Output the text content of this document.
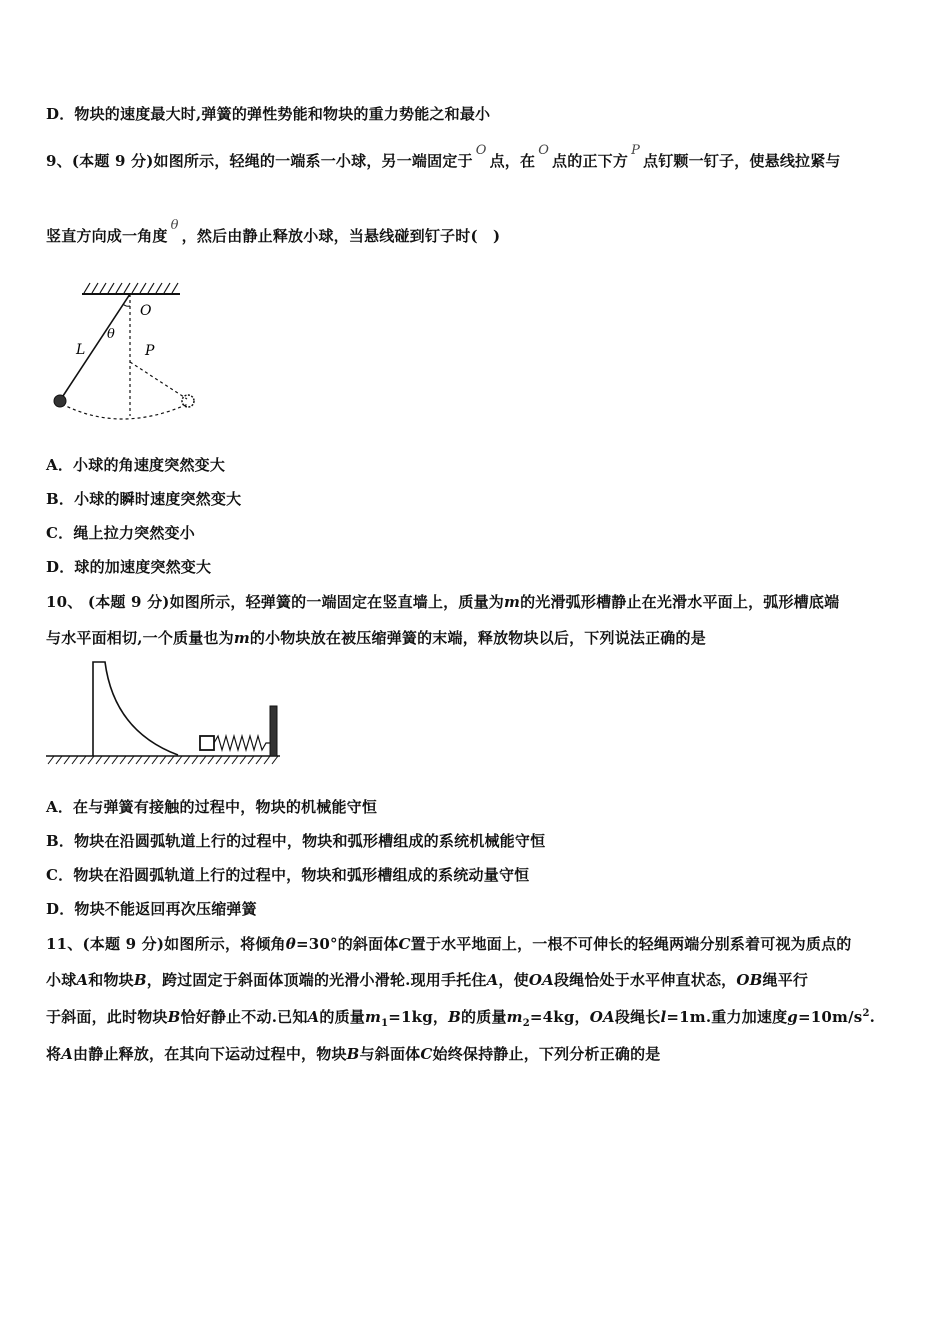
D．物块的速度最大时,弹簧的弹性势能和物块的重力势能之和最小
9、(本题 9 分)如图所示，轻绳的一端系一小球，另一端固定于O点，在O点的正下方P点钉颗一钉子，使悬线拉紧与
竖直方向成一角度θ，然后由静止释放小球，当悬线碰到钉子时(　)
O
L
θ
P
A．小球的角速度突然变大
B．小球的瞬时速度突然变大
C．绳上拉力突然变小
D．球的加速度突然变大
10、 (本题 9 分)如图所示，轻弹簧的一端固定在竖直墙上，质量为m的光滑弧形槽静止在光滑水平面上，弧形槽底端
与水平面相切,一个质量也为m的小物块放在被压缩弹簧的末端，释放物块以后，下列说法正确的是
A．在与弹簧有接触的过程中，物块的机械能守恒
B．物块在沿圆弧轨道上行的过程中，物块和弧形槽组成的系统机械能守恒
C．物块在沿圆弧轨道上行的过程中，物块和弧形槽组成的系统动量守恒
D．物块不能返回再次压缩弹簧
11、(本题 9 分)如图所示，将倾角θ=30°的斜面体C置于水平地面上，一根不可伸长的轻绳两端分别系着可视为质点的
小球A和物块B，跨过固定于斜面体顶端的光滑小滑轮.现用手托住A，使OA段绳恰处于水平伸直状态，OB绳平行
于斜面，此时物块B恰好静止不动.已知A的质量$m_1=1kg$，B的质量$m_2=4kg$，OA段绳长l=1m.重力加速度$g=10m/s^2$.
将A由静止释放，在其向下运动过程中，物块B与斜面体C始终保持静止，下列分析正确的是
